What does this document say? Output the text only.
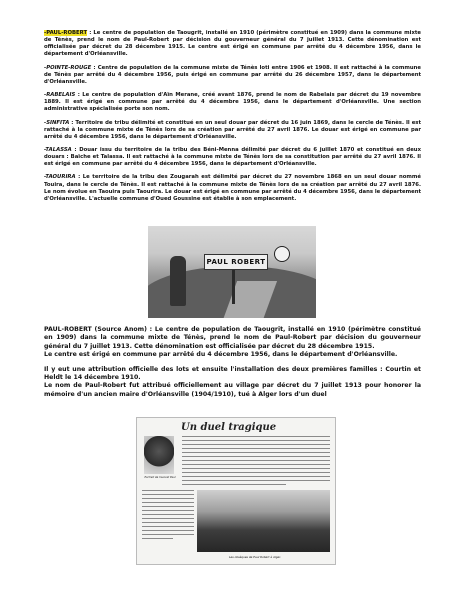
-PAUL-ROBERT : Le centre de population de Taougrit, installé en 1910 (périmètre constitué en 1909) dans la commune mixte de Ténès, prend le nom de Paul-Robert par décision du gouverneur général du 7 juillet 1913. Cette dénomination est officialisée par décret du 28 décembre 1915. Le centre est érigé en commune par arrêté du 4 décembre 1956, dans le département d'Orléansville.
-POINTE-ROUGE : Centre de population de la commune mixte de Ténès loti entre 1906 et 1908. Il est rattaché à la commune de Ténès par arrêté du 4 décembre 1956, puis érigé en commune par arrêté du 26 décembre 1957, dans le département d'Orléansville.
-RABELAIS : Le centre de population d'Aïn Merane, créé avant 1876, prend le nom de Rabelais par décret du 19 novembre 1889. Il est érigé en commune par arrêté du 4 décembre 1956, dans le département d'Orléansville. Une section administrative spécialisée porte son nom.
-SINFITA : Territoire de tribu délimité et constitué en un seul douar par décret du 16 juin 1869, dans le cercle de Ténès. Il est rattaché à la commune mixte de Ténès lors de sa création par arrêté du 27 avril 1876. Le douar est érigé en commune par arrêté du 4 décembre 1956, dans le département d'Orléansville.
-TALASSA : Douar issu du territoire de la tribu des Béni-Menna délimité par décret du 6 juillet 1870 et constitué en deux douars : Baïche et Talassa. Il est rattaché à la commune mixte de Ténès lors de sa constitution par arrêté du 27 avril 1876. Il est érigé en commune par arrêté du 4 décembre 1956, dans le département d'Orléansville.
-TAOURIRA : Le territoire de la tribu des Zougarah est délimité par décret du 27 novembre 1868 en un seul douar nommé Touira, dans le cercle de Ténès. Il est rattaché à la commune mixte de Ténès lors de sa création par arrêté du 27 avril 1876. Le nom évolue en Taouira puis Taourira. Le douar est érigé en commune par arrêté du 4 décembre 1956, dans le département d'Orléansville. L'actuelle commune d'Oued Goussine est établie à son emplacement.
PAUL ROBERT

PAUL-ROBERT (Source Anom) : Le centre de population de Taougrit, installé en 1910 (périmètre constitué en 1909) dans la commune mixte de Ténès, prend le nom de Paul-Robert par décision du gouverneur général du 7 juillet 1913. Cette dénomination est officialisée par décret du 28 décembre 1915.
Le centre est érigé en commune par arrêté du 4 décembre 1956, dans le département d'Orléansville.

Il y eut une attribution officielle des lots et ensuite l'installation des deux premières familles : Courtin et Heldt le 14 décembre 1910.
Le nom de Paul-Robert fut attribué officiellement au village par décret du 7 juillet 1913 pour honorer la mémoire d'un ancien maire d'Orléansville (1904/1910), tué à Alger lors d'un duel

Un duel tragique
Portrait de l'avocat Paul
Les obsèques de Paul Robert à Alger.
